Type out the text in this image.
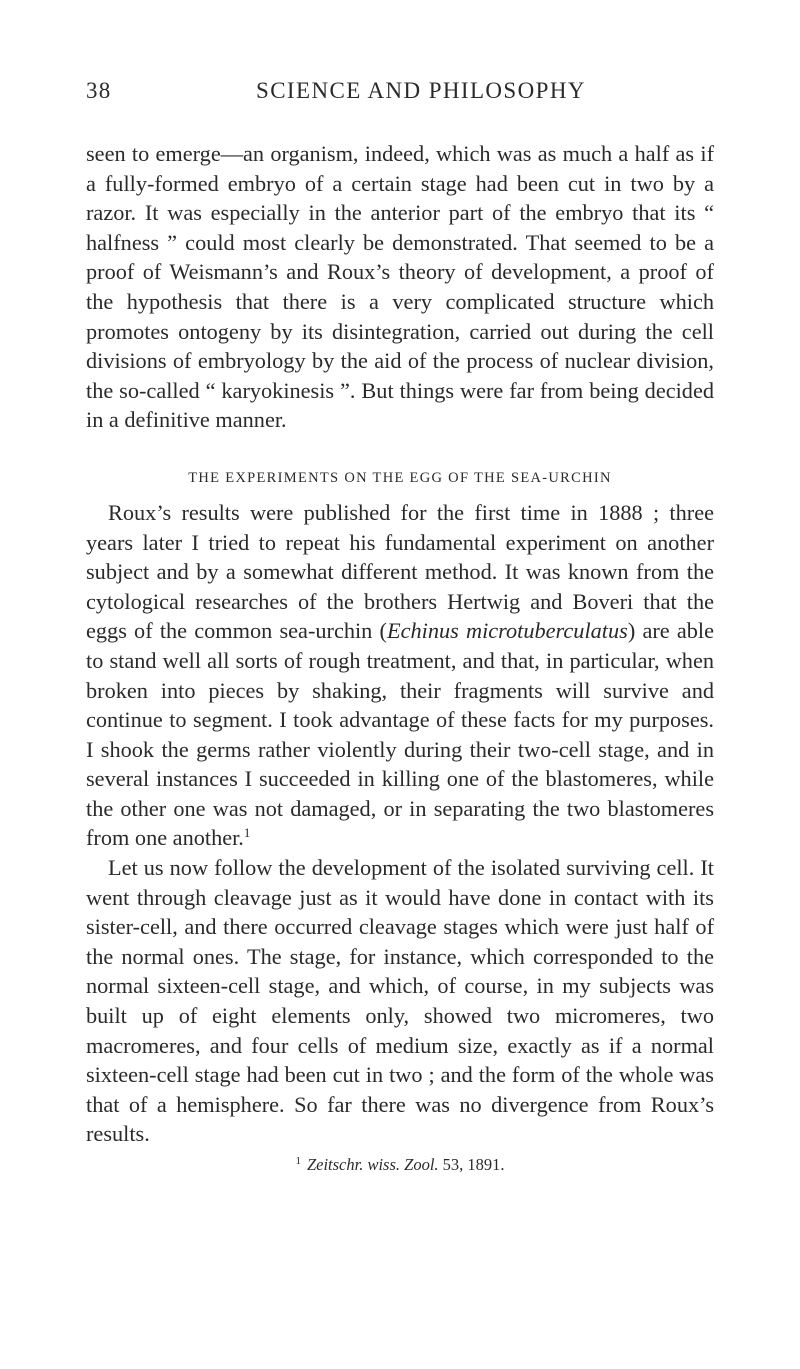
38	SCIENCE AND PHILOSOPHY

seen to emerge—an organism, indeed, which was as much a half as if a fully-formed embryo of a certain stage had been cut in two by a razor. It was especially in the anterior part of the embryo that its “ halfness ” could most clearly be demonstrated. That seemed to be a proof of Weismann’s and Roux’s theory of development, a proof of the hypothesis that there is a very complicated structure which promotes ontogeny by its disintegration, carried out during the cell divisions of embryology by the aid of the process of nuclear division, the so-called “ karyokinesis ”. But things were far from being decided in a definitive manner.

THE EXPERIMENTS ON THE EGG OF THE SEA-URCHIN

Roux’s results were published for the first time in 1888 ; three years later I tried to repeat his fundamental experiment on another subject and by a somewhat different method. It was known from the cytological researches of the brothers Hertwig and Boveri that the eggs of the common sea-urchin (Echinus microtuberculatus) are able to stand well all sorts of rough treatment, and that, in particular, when broken into pieces by shaking, their fragments will survive and continue to segment. I took advantage of these facts for my purposes. I shook the germs rather violently during their two-cell stage, and in several instances I succeeded in killing one of the blastomeres, while the other one was not damaged, or in separating the two blastomeres from one another.$^1$

Let us now follow the development of the isolated surviving cell. It went through cleavage just as it would have done in contact with its sister-cell, and there occurred cleavage stages which were just half of the normal ones. The stage, for instance, which corresponded to the normal sixteen-cell stage, and which, of course, in my subjects was built up of eight elements only, showed two micromeres, two macromeres, and four cells of medium size, exactly as if a normal sixteen-cell stage had been cut in two ; and the form of the whole was that of a hemisphere. So far there was no divergence from Roux’s results.

$^1$ Zeitschr. wiss. Zool. 53, 1891.
